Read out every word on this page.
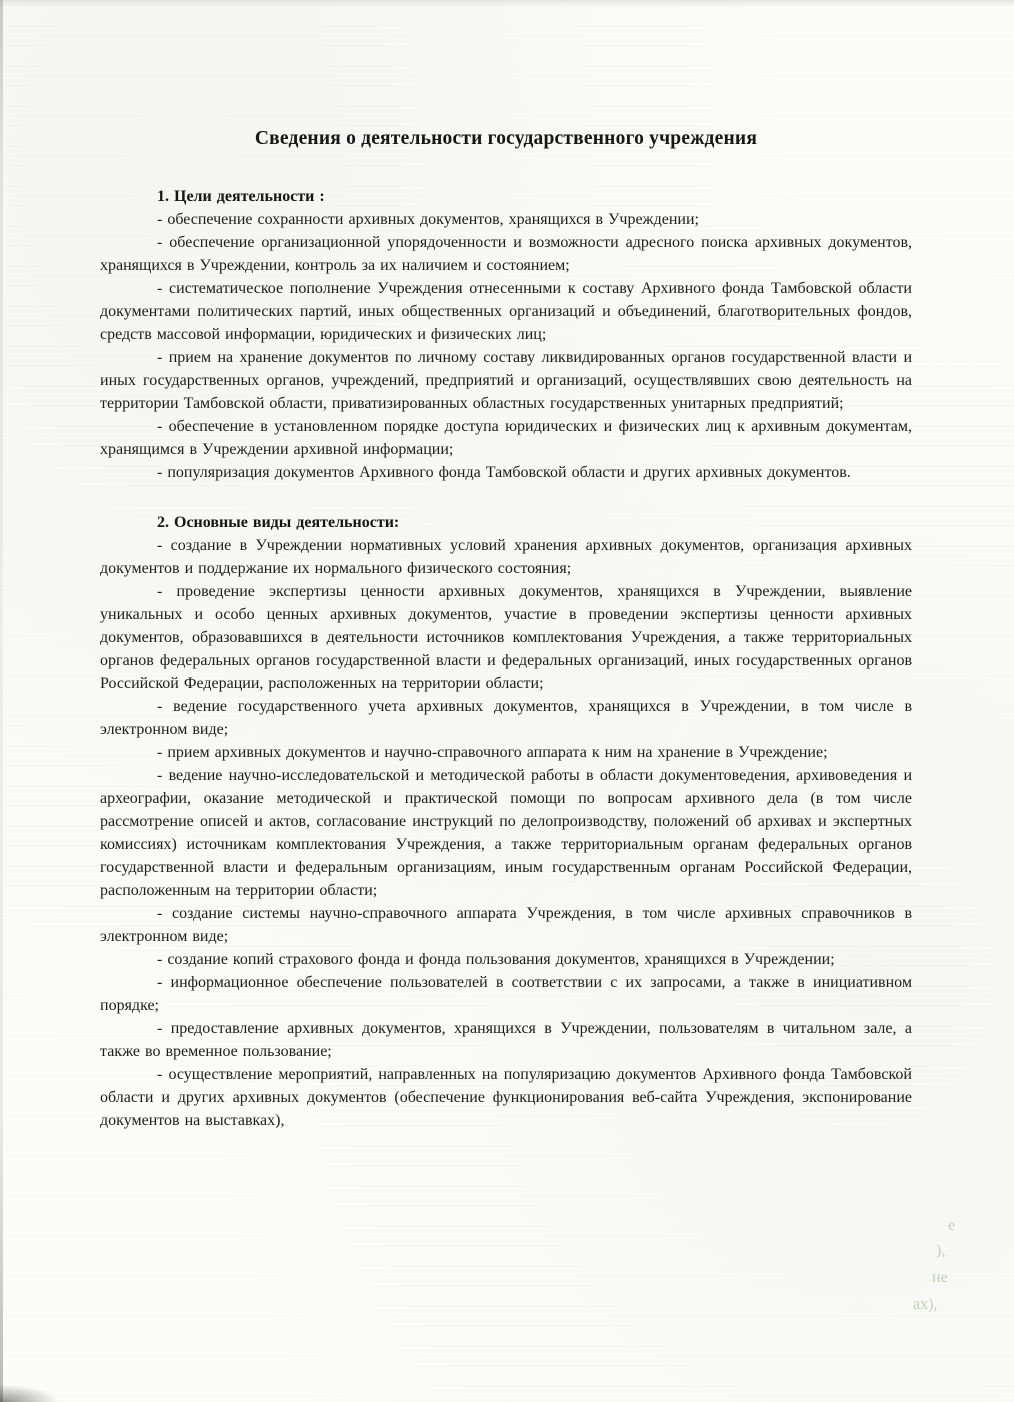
Сведения о деятельности государственного учреждения

1. Цели деятельности :

- обеспечение сохранности архивных документов, хранящихся в Учреждении;

- обеспечение организационной упорядоченности и возможности адресного поиска архивных документов, хранящихся в Учреждении, контроль за их наличием и состоянием;

- систематическое пополнение Учреждения отнесенными к составу Архивного фонда Тамбовской области документами политических партий, иных общественных организаций и объединений, благотворительных фондов, средств массовой информации, юридических и физических лиц;

- прием на хранение документов по личному составу ликвидированных органов государственной власти и иных государственных органов, учреждений, предприятий и организаций, осуществлявших свою деятельность на территории Тамбовской области, приватизированных областных государственных унитарных предприятий;

- обеспечение в установленном порядке доступа юридических и физических лиц к архивным документам, хранящимся в Учреждении архивной информации;

- популяризация документов Архивного фонда Тамбовской области и других архивных документов.

2. Основные виды деятельности:

- создание в Учреждении нормативных условий хранения архивных документов, организация архивных документов и поддержание их нормального физического состояния;

- проведение экспертизы ценности архивных документов, хранящихся в Учреждении, выявление уникальных и особо ценных архивных документов, участие в проведении экспертизы ценности архивных документов, образовавшихся в деятельности источников комплектования Учреждения, а также территориальных органов федеральных органов государственной власти и федеральных организаций, иных государственных органов Российской Федерации, расположенных на территории области;

- ведение государственного учета архивных документов, хранящихся в Учреждении, в том числе в электронном виде;

- прием архивных документов и научно-справочного аппарата к ним на хранение в Учреждение;

- ведение научно-исследовательской и методической работы в области документоведения, архивоведения и археографии, оказание методической и практической помощи по вопросам архивного дела (в том числе рассмотрение описей и актов, согласование инструкций по делопроизводству, положений об архивах и экспертных комиссиях) источникам комплектования Учреждения, а также территориальным органам федеральных органов государственной власти и федеральным организациям, иным государственным органам Российской Федерации, расположенным на территории области;

- создание системы научно-справочного аппарата Учреждения, в том числе архивных справочников в электронном виде;

- создание копий страхового фонда и фонда пользования документов, хранящихся в Учреждении;

- информационное обеспечение пользователей в соответствии с их запросами, а также в инициативном порядке;

- предоставление архивных документов, хранящихся в Учреждении, пользователям в читальном зале, а также во временное пользование;

- осуществление мероприятий, направленных на популяризацию документов Архивного фонда Тамбовской области и других архивных документов (обеспечение функционирования веб-сайта Учреждения, экспонирование документов на выставках),

е
),
не
ах),
